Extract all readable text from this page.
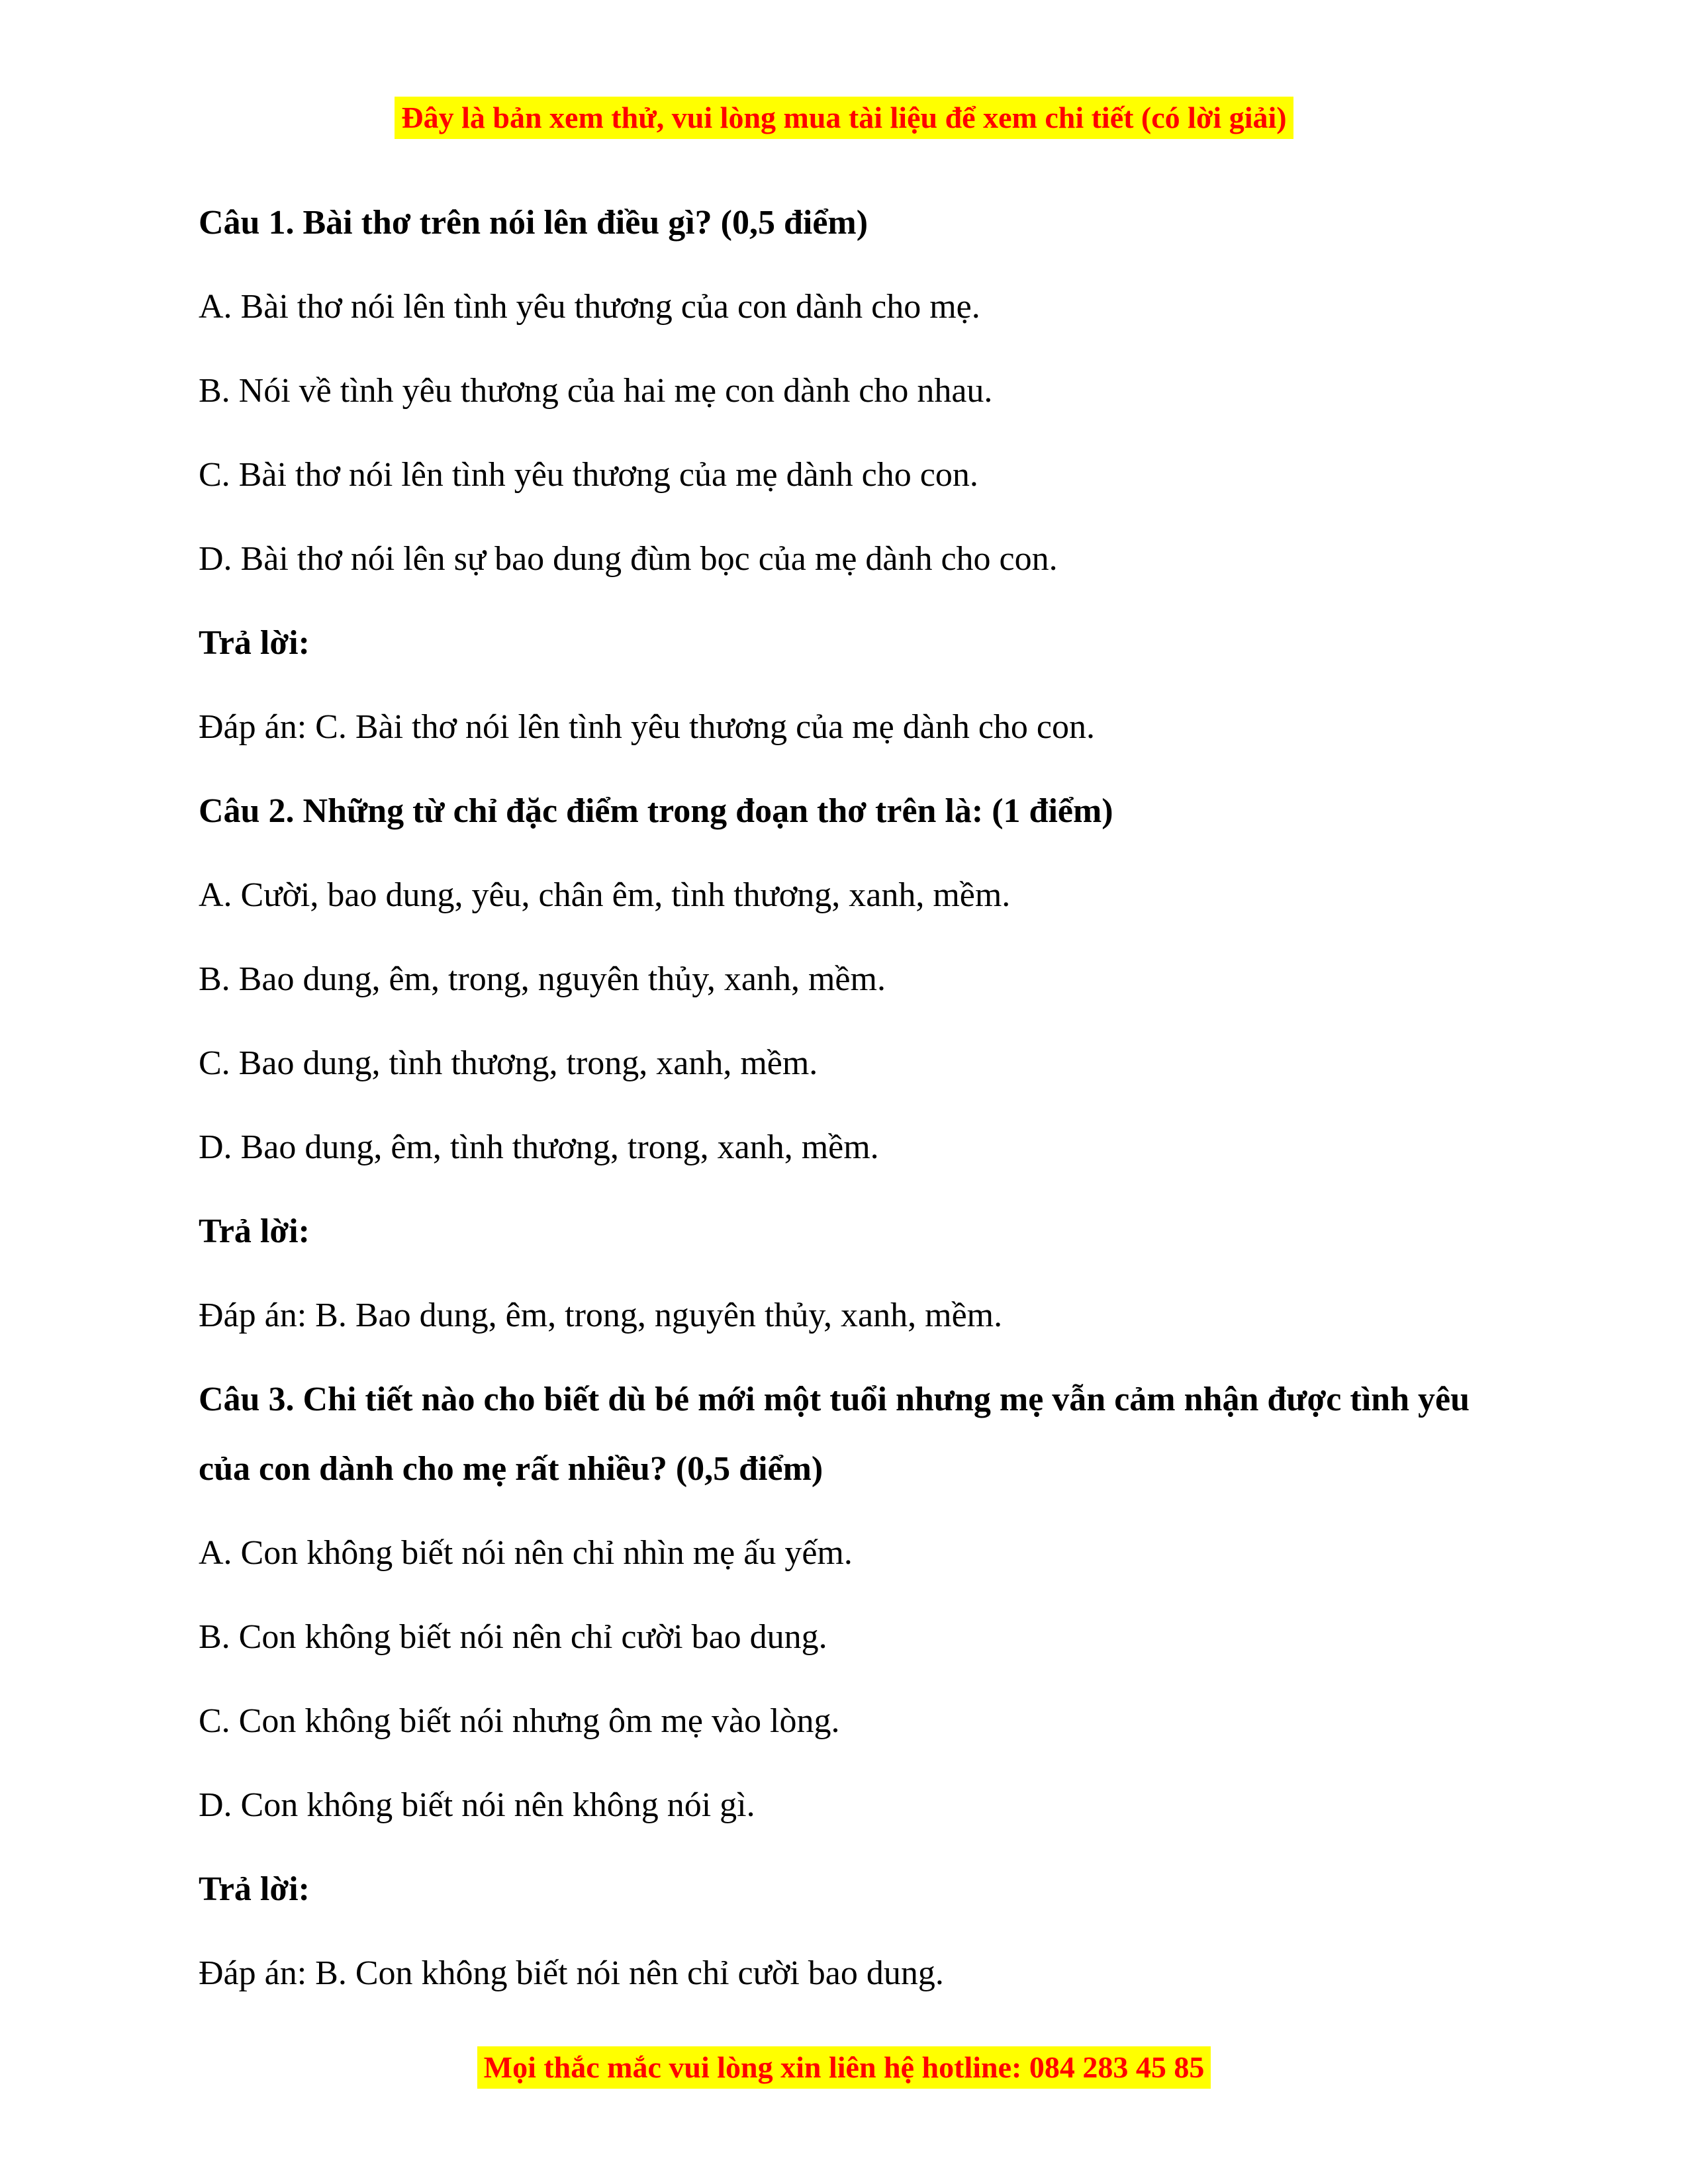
Đây là bản xem thử, vui lòng mua tài liệu để xem chi tiết (có lời giải)

Câu 1. Bài thơ trên nói lên điều gì? (0,5 điểm)

A. Bài thơ nói lên tình yêu thương của con dành cho mẹ.

B. Nói về tình yêu thương của hai mẹ con dành cho nhau.

C. Bài thơ nói lên tình yêu thương của mẹ dành cho con.

D. Bài thơ nói lên sự bao dung đùm bọc của mẹ dành cho con.

Trả lời:

Đáp án: C. Bài thơ nói lên tình yêu thương của mẹ dành cho con.

Câu 2. Những từ chỉ đặc điểm trong đoạn thơ trên là: (1 điểm)

A. Cười, bao dung, yêu, chân êm, tình thương, xanh, mềm.

B. Bao dung, êm, trong, nguyên thủy, xanh, mềm.

C. Bao dung, tình thương, trong, xanh, mềm.

D. Bao dung, êm, tình thương, trong, xanh, mềm.

Trả lời:

Đáp án: B. Bao dung, êm, trong, nguyên thủy, xanh, mềm.

Câu 3. Chi tiết nào cho biết dù bé mới một tuổi nhưng mẹ vẫn cảm nhận được tình yêu của con dành cho mẹ rất nhiều? (0,5 điểm)

A. Con không biết nói nên chỉ nhìn mẹ ấu yếm.

B. Con không biết nói nên chỉ cười bao dung.

C. Con không biết nói nhưng ôm mẹ vào lòng.

D. Con không biết nói nên không nói gì.

Trả lời:

Đáp án: B. Con không biết nói nên chỉ cười bao dung.

Mọi thắc mắc vui lòng xin liên hệ hotline: 084 283 45 85
